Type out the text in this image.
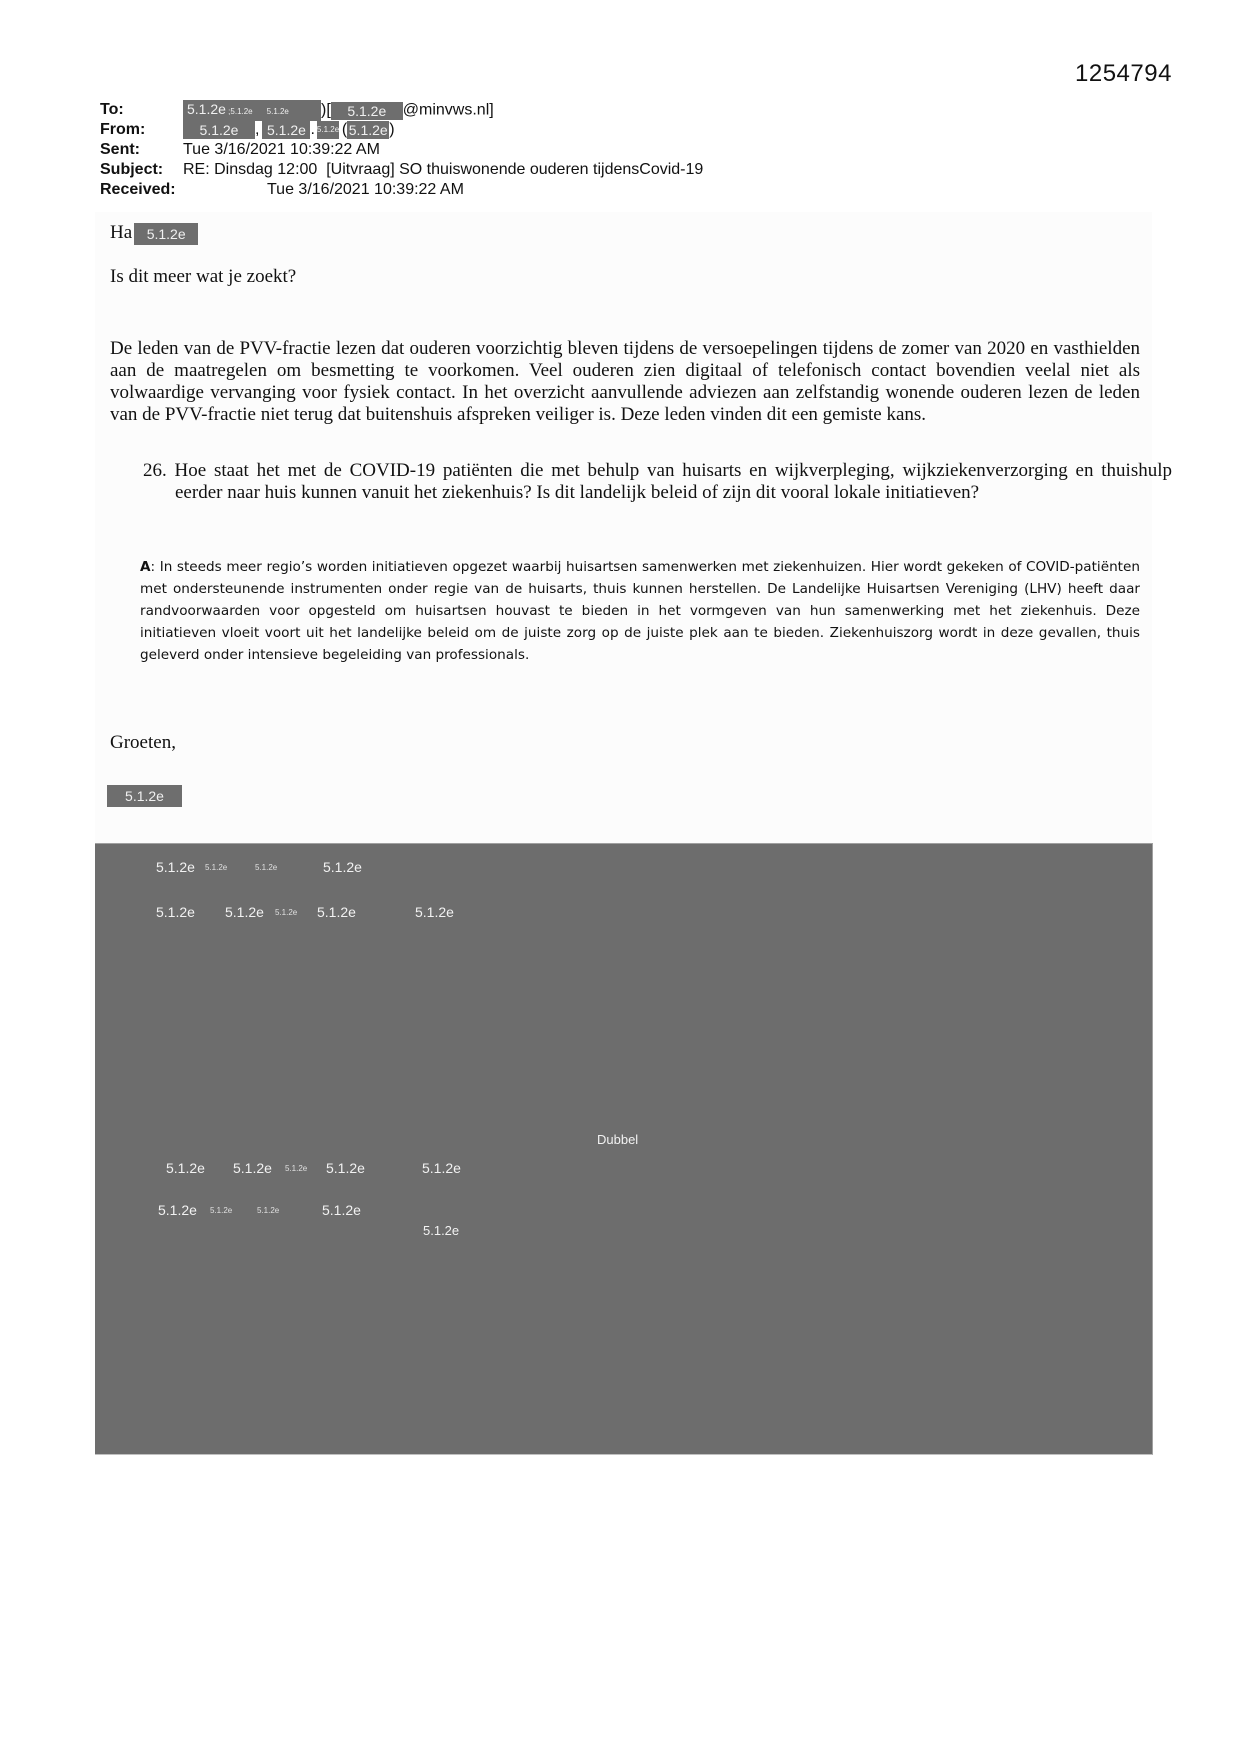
1254794
To:	5.1.2e ;5.1.2e 5.1.2e )[ 5.1.2e @minvws.nl]
From:	5.1.2e , 5.1.2e . 5.1.2e ( 5.1.2e)
Sent:	Tue 3/16/2021 10:39:22 AM
Subject: RE: Dinsdag 12:00  [Uitvraag] SO thuiswonende ouderen tijdensCovid-19
Received:	Tue 3/16/2021 10:39:22 AM
Ha 5.1.2e
Is dit meer wat je zoekt?
De leden van de PVV-fractie lezen dat ouderen voorzichtig bleven tijdens de versoepelingen tijdens de zomer van 2020 en vasthielden aan de maatregelen om besmetting te voorkomen. Veel ouderen zien digitaal of telefonisch contact bovendien veelal niet als volwaardige vervanging voor fysiek contact. In het overzicht aanvullende adviezen aan zelfstandig wonende ouderen lezen de leden van de PVV-fractie niet terug dat buitenshuis afspreken veiliger is. Deze leden vinden dit een gemiste kans.
26. Hoe staat het met de COVID-19 patiënten die met behulp van huisarts en wijkverpleging, wijkziekenverzorging en thuishulp eerder naar huis kunnen vanuit het ziekenhuis? Is dit landelijk beleid of zijn dit vooral lokale initiatieven?
A: In steeds meer regio’s worden initiatieven opgezet waarbij huisartsen samenwerken met ziekenhuizen. Hier wordt gekeken of COVID-patiënten met ondersteunende instrumenten onder regie van de huisarts, thuis kunnen herstellen. De Landelijke Huisartsen Vereniging (LHV) heeft daar randvoorwaarden voor opgesteld om huisartsen houvast te bieden in het vormgeven van hun samenwerking met het ziekenhuis. Deze initiatieven vloeit voort uit het landelijke beleid om de juiste zorg op de juiste plek aan te bieden. Ziekenhuiszorg wordt in deze gevallen, thuis geleverd onder intensieve begeleiding van professionals.
Groeten,
5.1.2e
5.1.2e 5.1.2e	5.1.2e	5.1.2e
5.1.2e 5.1.2e 5.1.2e 5.1.2e	5.1.2e
Dubbel
5.1.2e 5.1.2e 5.1.2e 5.1.2e	5.1.2e
5.1.2e 5.1.2e	5.1.2e	5.1.2e
5.1.2e
